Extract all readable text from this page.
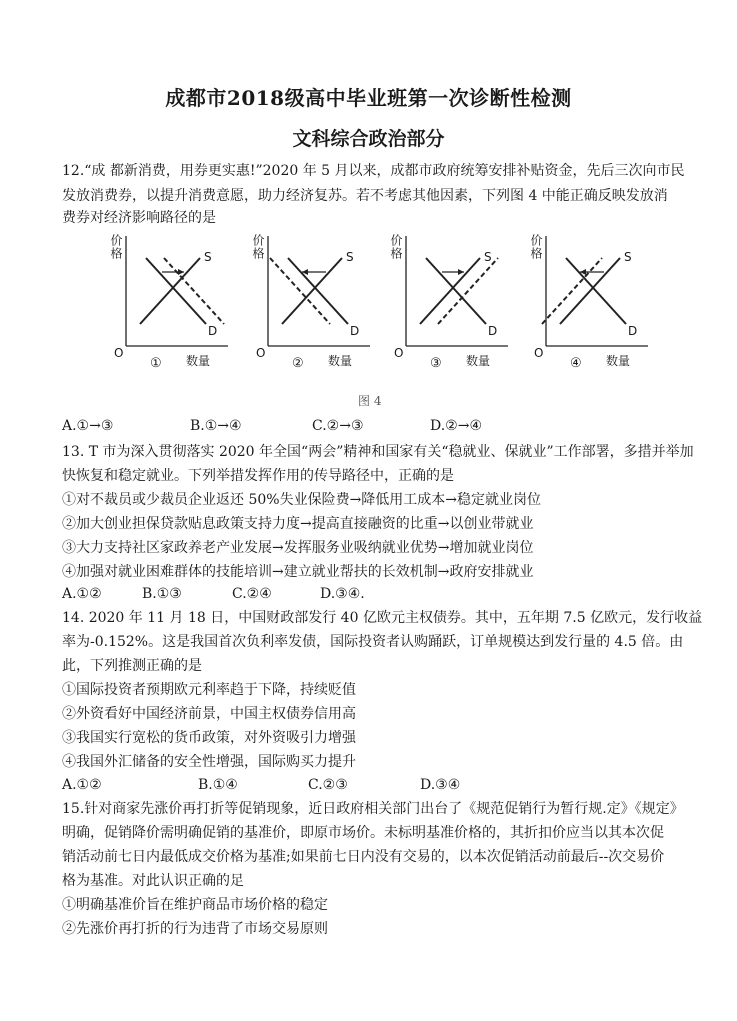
成都市2018级高中毕业班第一次诊断性检测
文科综合政治部分
12.“成 都新消费，用券更实惠!”2020 年 5 月以来，成都市政府统筹安排补贴资金，先后三次向市民
发放消费券，以提升消费意愿，助力经济复苏。若不考虑其他因素，下列图 4 中能正确反映发放消
费券对经济影响路径的是
价格
O
S
D
数量
①
价格
O
S
D
数量
②
价格
O
S
D
数量
③
价格
O
S
D
数量
④
图 4
A.①→③	B.①→④	C.②→③	D.②→④
13. T 市为深入贯彻落实 2020 年全国“两会”精神和国家有关“稳就业、保就业”工作部署，多措并举加
快恢复和稳定就业。下列举措发挥作用的传导路径中，正确的是
①对不裁员或少裁员企业返还 50%失业保险费→降低用工成本→稳定就业岗位
②加大创业担保贷款贴息政策支持力度→提高直接融资的比重→以创业带就业
③大力支持社区家政养老产业发展→发挥服务业吸纳就业优势→增加就业岗位
④加强对就业困难群体的技能培训→建立就业帮扶的长效机制→政府安排就业
A.①②	B.①③	C.②④	D.③④.
14. 2020 年 11 月 18 日，中国财政部发行 40 亿欧元主权债券。其中，五年期 7.5 亿欧元，发行收益
率为-0.152%。这是我国首次负利率发债，国际投资者认购踊跃，订单规模达到发行量的 4.5 倍。由
此，下列推测正确的是
①国际投资者预期欧元利率趋于下降，持续贬值
②外资看好中国经济前景，中国主权债券信用高
③我国实行宽松的货币政策，对外资吸引力增强
④我国外汇储备的安全性增强，国际购买力提升
A.①②	B.①④	C.②③	D.③④
15.针对商家先涨价再打折等促销现象，近日政府相关部门出台了《规范促销行为暂行规.定》《规定》
明确，促销降价需明确促销的基准价，即原市场价。未标明基准价格的，其折扣价应当以其本次促
销活动前七日内最低成交价格为基准;如果前七日内没有交易的，以本次促销活动前最后--次交易价
格为基准。对此认识正确的足
①明确基准价旨在维护商品市场价格的稳定
②先涨价再打折的行为违背了市场交易原则
